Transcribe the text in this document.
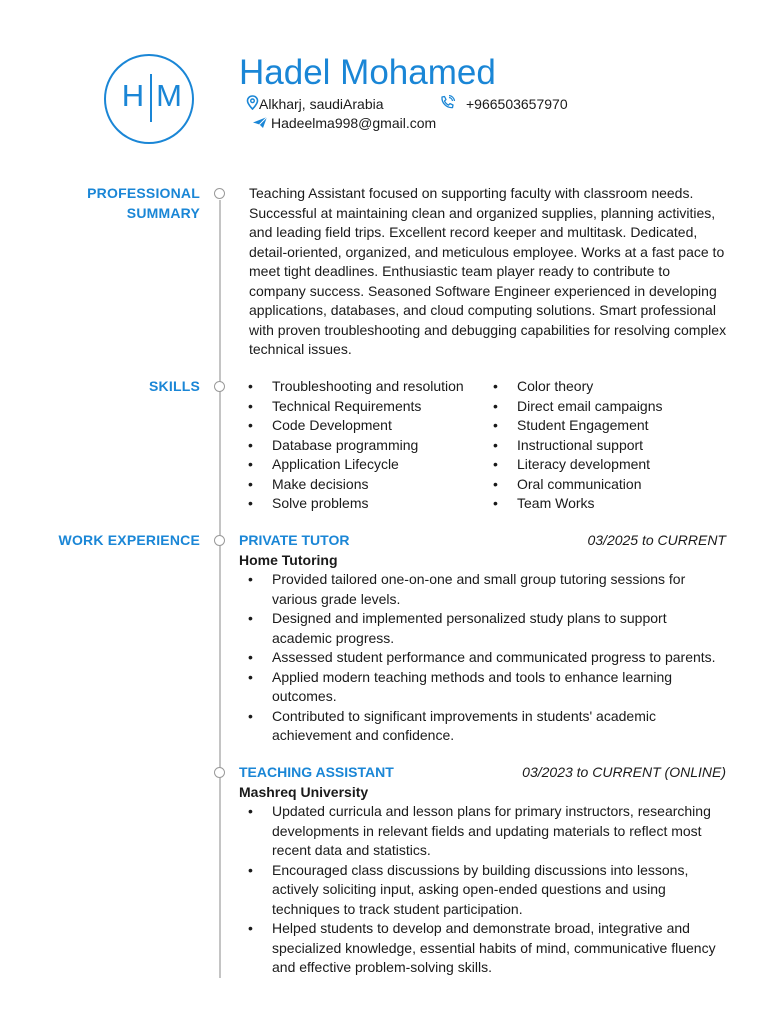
H M
Hadel Mohamed
Alkharj, saudiArabia	+966503657970
Hadeelma998@gmail.com
PROFESSIONAL
SUMMARY
Teaching Assistant focused on supporting faculty with classroom needs. Successful at maintaining clean and organized supplies, planning activities, and leading field trips. Excellent record keeper and multitask. Dedicated, detail-oriented, organized, and meticulous employee. Works at a fast pace to meet tight deadlines. Enthusiastic team player ready to contribute to company success. Seasoned Software Engineer experienced in developing applications, databases, and cloud computing solutions. Smart professional with proven troubleshooting and debugging capabilities for resolving complex technical issues.
SKILLS
•	Troubleshooting and resolution
• Technical Requirements
• Code Development
• Database programming
• Application Lifecycle
• Make decisions
• Solve problems
• Color theory
• Direct email campaigns
• Student Engagement
• Instructional support
• Literacy development
• Oral communication
• Team Works
WORK EXPERIENCE	PRIVATE TUTOR	03/2025 to CURRENT
Home Tutoring
• Provided tailored one-on-one and small group tutoring sessions for various grade levels.
• Designed and implemented personalized study plans to support academic progress.
• Assessed student performance and communicated progress to parents.
• Applied modern teaching methods and tools to enhance learning outcomes.
• Contributed to significant improvements in students' academic achievement and confidence.
TEACHING ASSISTANT	03/2023 to CURRENT (ONLINE)
Mashreq University
• Updated curricula and lesson plans for primary instructors, researching developments in relevant fields and updating materials to reflect most recent data and statistics.
• Encouraged class discussions by building discussions into lessons, actively soliciting input, asking open-ended questions and using techniques to track student participation.
• Helped students to develop and demonstrate broad, integrative and specialized knowledge, essential habits of mind, communicative fluency and effective problem-solving skills.
